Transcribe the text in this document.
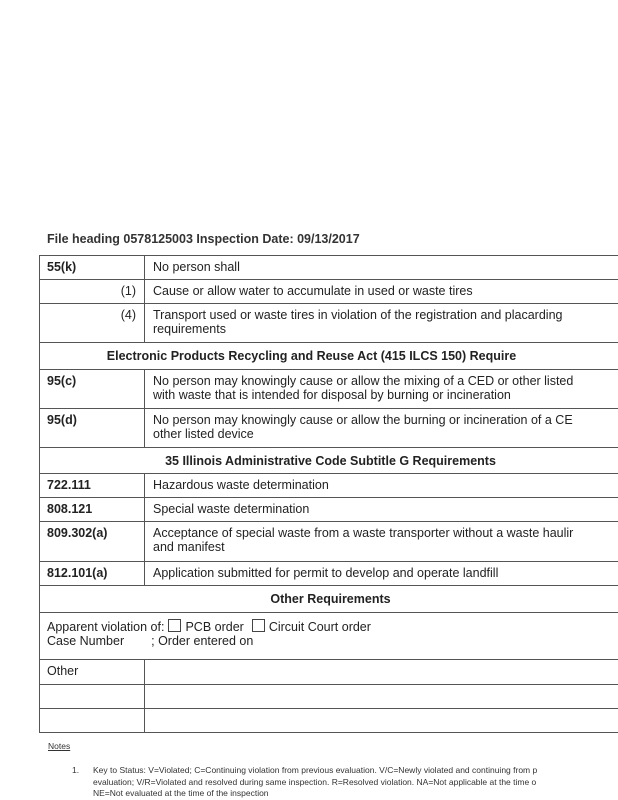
File heading 0578125003 Inspection Date: 09/13/2017
55(k)	No person shall
(1)	Cause or allow water to accumulate in used or waste tires
(4)	Transport used or waste tires in violation of the registration and placarding
requirements

Electronic Products Recycling and Reuse Act (415 ILCS 150) Require	
95(c)	No person may knowingly cause or allow the mixing of a CED or other listed
with waste that is intended for disposal by burning or incineration

95(d)	No person may knowingly cause or allow the burning or incineration of a CE
other listed device

35 Illinois Administrative Code Subtitle G Requirements	
722.111	Hazardous waste determination
808.121	Special waste determination
809.302(a)	Acceptance of special waste from a waste transporter without a waste haulir
and manifest

812.101(a)	Application submitted for permit to develop and operate landfill
Other Requirements	

Apparent violation of: PCB order Circuit Court order
Case Number ; Order entered on	

Other	

Notes
1. Key to Status: V=Violated; C=Continuing violation from previous evaluation. V/C=Newly violated and continuing from p
evaluation; V/R=Violated and resolved during same inspection. R=Resolved violation. NA=Not applicable at the time o
NE=Not evaluated at the time of the inspection
